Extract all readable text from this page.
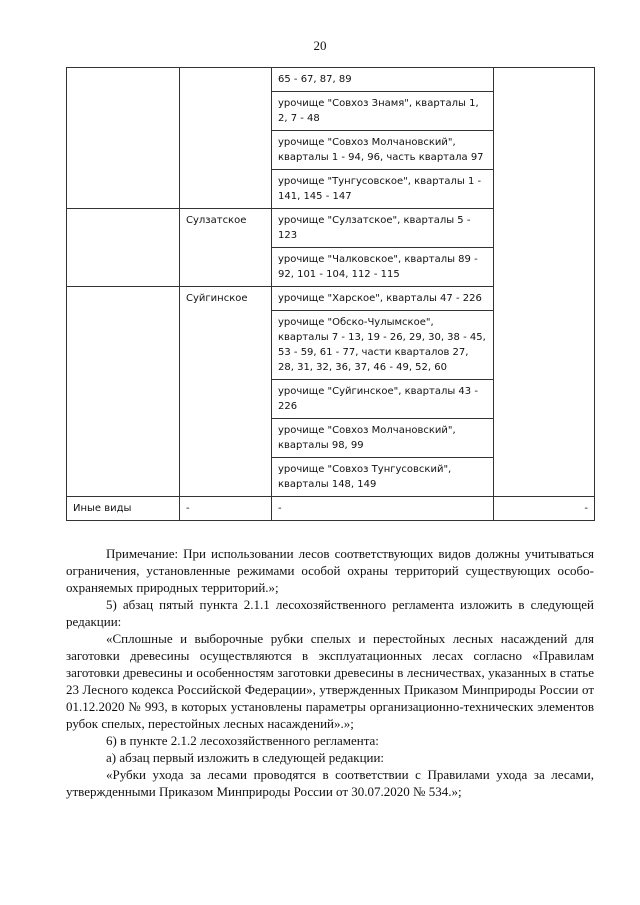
20
		65 - 67, 87, 89	
		урочище "Совхоз Знамя", кварталы 1, 2, 7 - 48	
		урочище "Совхоз Молчановский", кварталы 1 - 94, 96, часть квартала 97	
		урочище "Тунгусовское", кварталы 1 - 141, 145 - 147	
	Сулзатское	урочище "Сулзатское", кварталы 5 - 123	
		урочище "Чалковское", кварталы 89 - 92, 101 - 104, 112 - 115	
	Суйгинское	урочище "Харское", кварталы 47 - 226	
		урочище "Обско-Чулымское", кварталы 7 - 13, 19 - 26, 29, 30, 38 - 45, 53 - 59, 61 - 77, части кварталов 27, 28, 31, 32, 36, 37, 46 - 49, 52, 60	
		урочище "Суйгинское", кварталы 43 - 226	
		урочище "Совхоз Молчановский", кварталы 98, 99	
		урочище "Совхоз Тунгусовский", кварталы 148, 149	
Иные виды	-	-	-

Примечание: При использовании лесов соответствующих видов должны учитываться ограничения, установленные режимами особой охраны территорий существующих особо-охраняемых природных территорий.»;

5) абзац пятый пункта 2.1.1 лесохозяйственного регламента изложить в следующей редакции:

«Сплошные и выборочные рубки спелых и перестойных лесных насаждений для заготовки древесины осуществляются в эксплуатационных лесах согласно «Правилам заготовки древесины и особенностям заготовки древесины в лесничествах, указанных в статье 23 Лесного кодекса Российской Федерации», утвержденных Приказом Минприроды России от 01.12.2020 № 993, в которых установлены параметры организационно-технических элементов рубок спелых, перестойных лесных насаждений».»;

6) в пункте 2.1.2 лесохозяйственного регламента:

а) абзац первый изложить в следующей редакции:

«Рубки ухода за лесами проводятся в соответствии с Правилами ухода за лесами, утвержденными Приказом Минприроды России от 30.07.2020 № 534.»;
